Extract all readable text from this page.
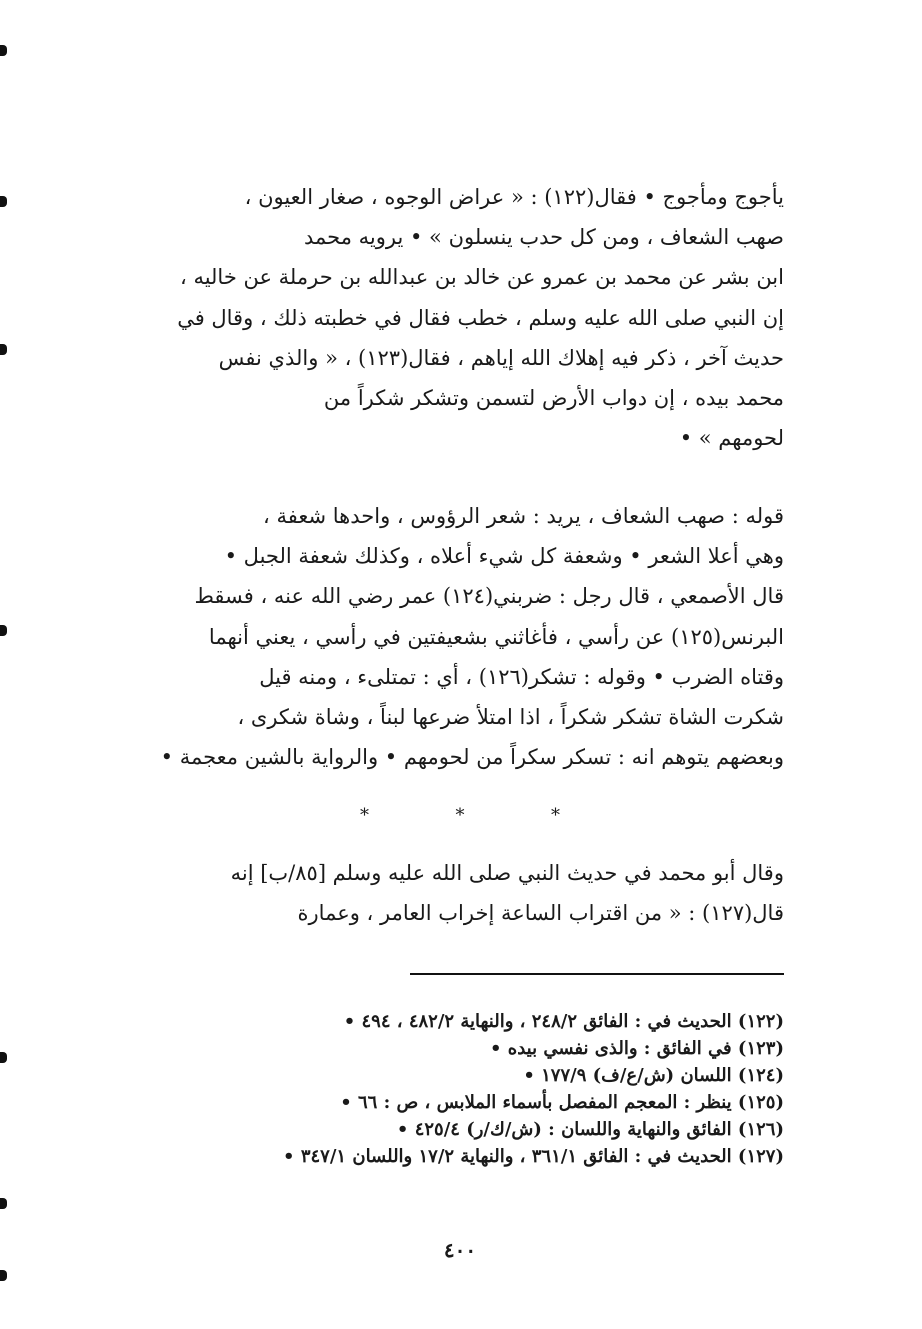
يأجوج ومأجوج • فقال(١٢٢) : « عراض الوجوه ، صغار العيون ،
صهب الشعاف ، ومن كل حدب ينسلون » • يرويه محمد
ابن بشر عن محمد بن عمرو عن خالد بن عبدالله بن حرملة عن خاليه ،
إن النبي صلى الله عليه وسلم ، خطب فقال في خطبته ذلك ، وقال في
حديث آخر ، ذكر فيه إهلاك الله إياهم ، فقال(١٢٣) ، « والذي نفس
محمد بيده ، إن دواب الأرض لتسمن وتشكر شكراً من
لحومهم » •
قوله : صهب الشعاف ، يريد : شعر الرؤوس ، واحدها شعفة ،
وهي أعلا الشعر • وشعفة كل شيء أعلاه ، وكذلك شعفة الجبل •
قال الأصمعي ، قال رجل : ضربني(١٢٤) عمر رضي الله عنه ، فسقط
البرنس(١٢٥) عن رأسي ، فأغاثني بشعيفتين في رأسي ، يعني أنهما
وقتاه الضرب • وقوله : تشكر(١٢٦) ، أي : تمتلىء ، ومنه قيل
شكرت الشاة تشكر شكراً ، اذا امتلأ ضرعها لبناً ، وشاة شكرى ،
وبعضهم يتوهم انه : تسكر سكراً من لحومهم • والرواية بالشين معجمة •
*	*	*
وقال أبو محمد في حديث النبي صلى الله عليه وسلم [٨٥/ب] إنه
قال(١٢٧) : « من اقتراب الساعة إخراب العامر ، وعمارة
(١٢٢) الحديث في : الفائق ٢٤٨/٢ ، والنهاية ٤٨٢/٢ ، ٤٩٤ •
(١٢٣) في الفائق : والذى نفسي بيده •
(١٢٤) اللسان (ش/ع/ف) ١٧٧/٩ •
(١٢٥) ينظر : المعجم المفصل بأسماء الملابس ، ص : ٦٦ •
(١٢٦) الفائق والنهاية واللسان : (ش/ك/ر) ٤٢٥/٤ •
(١٢٧) الحديث في : الفائق ٣٦١/١ ، والنهاية ١٧/٢ واللسان ٣٤٧/١ •
٤٠٠
